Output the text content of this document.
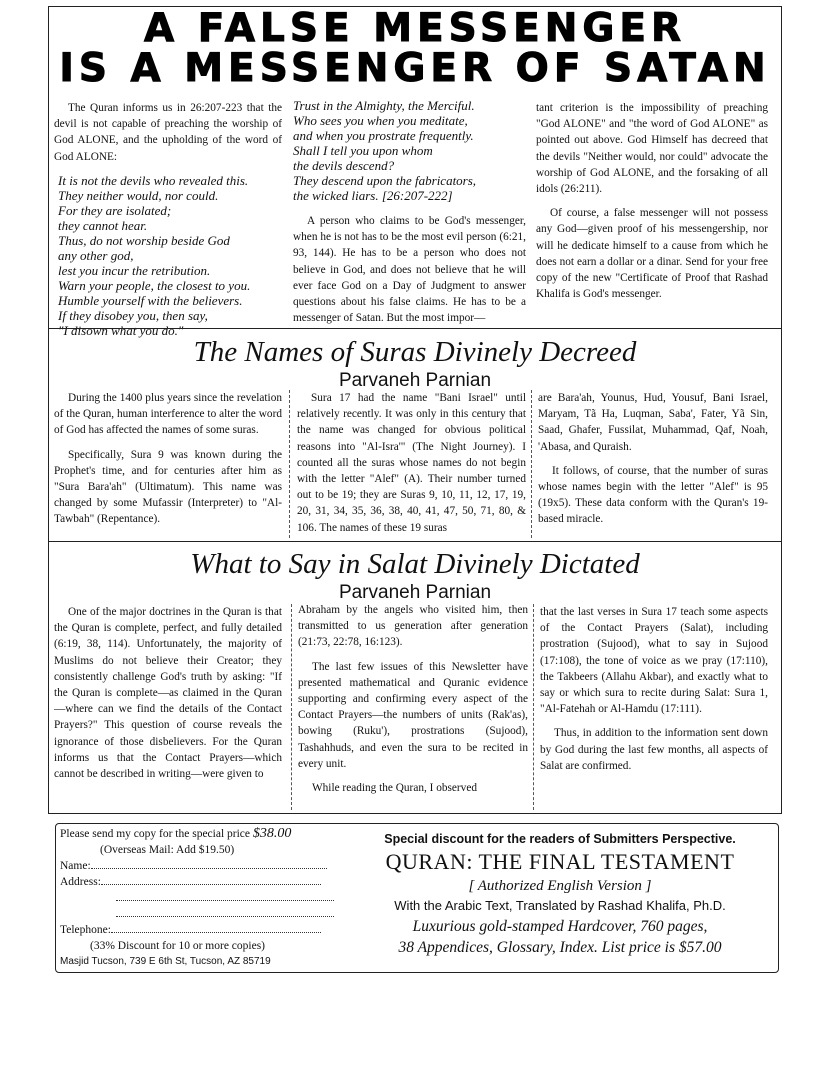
A FALSE MESSENGER
IS A MESSENGER OF SATAN

The Quran informs us in 26:207-223 that the devil is not capable of preaching the worship of God ALONE, and the upholding of the word of God ALONE:

It is not the devils who revealed this.
They neither would, nor could.
For they are isolated;
they cannot hear.
Thus, do not worship beside God
any other god,
lest you incur the retribution.
Warn your people, the closest to you.
Humble yourself with the believers.
If they disobey you, then say,
"I disown what you do."
Trust in the Almighty, the Merciful.
Who sees you when you meditate,
and when you prostrate frequently.
Shall I tell you upon whom
the devils descend?
They descend upon the fabricators,
the wicked liars. [26:207-222]

A person who claims to be God's messenger, when he is not has to be the most evil person (6:21, 93, 144). He has to be a person who does not believe in God, and does not believe that he will ever face God on a Day of Judgment to answer questions about his false claims. He has to be a messenger of Satan. But the most impor—

tant criterion is the impossibility of preaching "God ALONE" and "the word of God ALONE" as pointed out above. God Himself has decreed that the devils "Neither would, nor could" advocate the worship of God ALONE, and the forsaking of all idols (26:211).

Of course, a false messenger will not possess any God—given proof of his messengership, nor will he dedicate himself to a cause from which he does not earn a dollar or a dinar. Send for your free copy of the new "Certificate of Proof that Rashad Khalifa is God's messenger.

The Names of Suras Divinely Decreed
Parvaneh Parnian

During the 1400 plus years since the revelation of the Quran, human interference to alter the word of God has affected the names of some suras.

Specifically, Sura 9 was known during the Prophet's time, and for centuries after him as "Sura Bara'ah" (Ultimatum). This name was changed by some Mufassir (Interpreter) to "Al-Tawbah" (Repentance).

Sura 17 had the name "Bani Israel" until relatively recently. It was only in this century that the name was changed for obvious political reasons into "Al-Isra'" (The Night Journey). I counted all the suras whose names do not begin with the letter "Alef" (A). Their number turned out to be 19; they are Suras 9, 10, 11, 12, 17, 19, 20, 31, 34, 35, 36, 38, 40, 41, 47, 50, 71, 80, & 106. The names of these 19 suras

are Bara'ah, Younus, Hud, Yousuf, Bani Israel, Maryam, Tã Ha, Luqman, Saba', Fater, Yã Sin, Saad, Ghafer, Fussilat, Muhammad, Qaf, Noah, 'Abasa, and Quraish.

It follows, of course, that the number of suras whose names begin with the letter "Alef" is 95 (19x5). These data conform with the Quran's 19-based miracle.

What to Say in Salat Divinely Dictated
Parvaneh Parnian

One of the major doctrines in the Quran is that the Quran is complete, perfect, and fully detailed (6:19, 38, 114). Unfortunately, the majority of Muslims do not believe their Creator; they consistently challenge God's truth by asking: "If the Quran is complete—as claimed in the Quran—where can we find the details of the Contact Prayers?" This question of course reveals the ignorance of those disbelievers. For the Quran informs us that the Contact Prayers—which cannot be described in writing—were given to

Abraham by the angels who visited him, then transmitted to us generation after generation (21:73, 22:78, 16:123).

The last few issues of this Newsletter have presented mathematical and Quranic evidence supporting and confirming every aspect of the Contact Prayers—the numbers of units (Rak'as), bowing (Ruku'), prostrations (Sujood), Tashahhuds, and even the sura to be recited in every unit.

While reading the Quran, I observed

that the last verses in Sura 17 teach some aspects of the Contact Prayers (Salat), including prostration (Sujood), what to say in Sujood (17:108), the tone of voice as we pray (17:110), the Takbeers (Allahu Akbar), and exactly what to say or which sura to recite during Salat: Sura 1, "Al-Fatehah or Al-Hamdu (17:111).

Thus, in addition to the information sent down by God during the last few months, all aspects of Salat are confirmed.

Please send my copy for the special price $38.00
(Overseas Mail: Add $19.50)
Name:
Address:
Telephone:
(33% Discount for 10 or more copies)
Masjid Tucson, 739 E 6th St, Tucson, AZ 85719
Special discount for the readers of Submitters Perspective.
QURAN: THE FINAL TESTAMENT
[ Authorized English Version ]
With the Arabic Text, Translated by Rashad Khalifa, Ph.D.
Luxurious gold-stamped Hardcover, 760 pages,
38 Appendices, Glossary, Index. List price is $57.00
